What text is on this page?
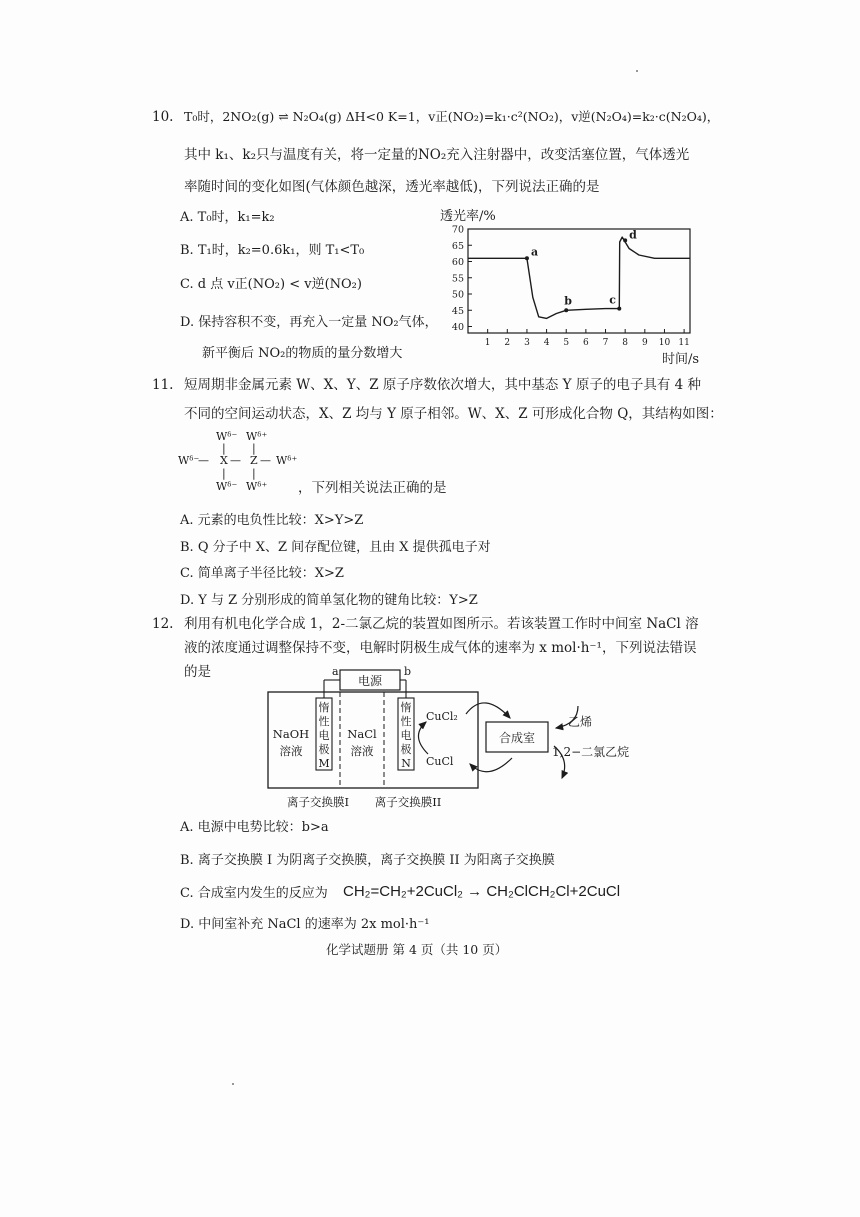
10. T₀时，2NO₂(g) ⇌ N₂O₄(g) ΔH<0 K=1，v正(NO₂)=k₁·c²(NO₂)，v逆(N₂O₄)=k₂·c(N₂O₄)，
其中 k₁、k₂只与温度有关，将一定量的NO₂充入注射器中，改变活塞位置，气体透光
率随时间的变化如图(气体颜色越深，透光率越低)，下列说法正确的是
A. T₀时，k₁=k₂
B. T₁时，k₂=0.6k₁，则 T₁<T₀
C. d 点 v正(NO₂) < v逆(NO₂)
D. 保持容积不变，再充入一定量 NO₂气体，
新平衡后 NO₂的物质的量分数增大
40
45
50
55
60
65
70
1 2 3 4 5 6 7 8 9 10 11
透光率/%
时间/s
a
b	c
d
11. 短周期非金属元素 W、X、Y、Z 原子序数依次增大，其中基态 Y 原子的电子具有 4 种
不同的空间运动状态，X、Z 均与 Y 原子相邻。W、X、Z 可形成化合物 Q，其结构如图：
Wᵟ⁻ Wᵟ⁺
| |
Wᵟ⁻
— X — Z — Wᵟ⁺
| |
Wᵟ⁻ Wᵟ⁺ ，下列相关说法正确的是
A. 元素的电负性比较：X>Y>Z
B. Q 分子中 X、Z 间存配位键，且由 X 提供孤电子对
C. 简单离子半径比较：X>Z
D. Y 与 Z 分别形成的简单氢化物的键角比较：Y>Z
12. 利用有机电化学合成 1，2-二氯乙烷的装置如图所示。若该装置工作时中间室 NaCl 溶
液的浓度通过调整保持不变，电解时阴极生成气体的速率为 x mol·h⁻¹，下列说法错误
的是
电源
a	b
惰
性
电
极
M
惰
性
电
极
N
NaOH
溶液
NaCl
溶液
CuCl₂
CuCl
合成室
乙烯
1,2−二氯乙烷
离子交换膜I 离子交换膜II
A. 电源中电势比较：b>a
B. 离子交换膜 I 为阴离子交换膜，离子交换膜 II 为阳离子交换膜
C. 合成室内发生的反应为 CH₂=CH₂+2CuCl₂ → CH₂ClCH₂Cl+2CuCl
D. 中间室补充 NaCl 的速率为 2x mol·h⁻¹
化学试题册 第 4 页（共 10 页）
